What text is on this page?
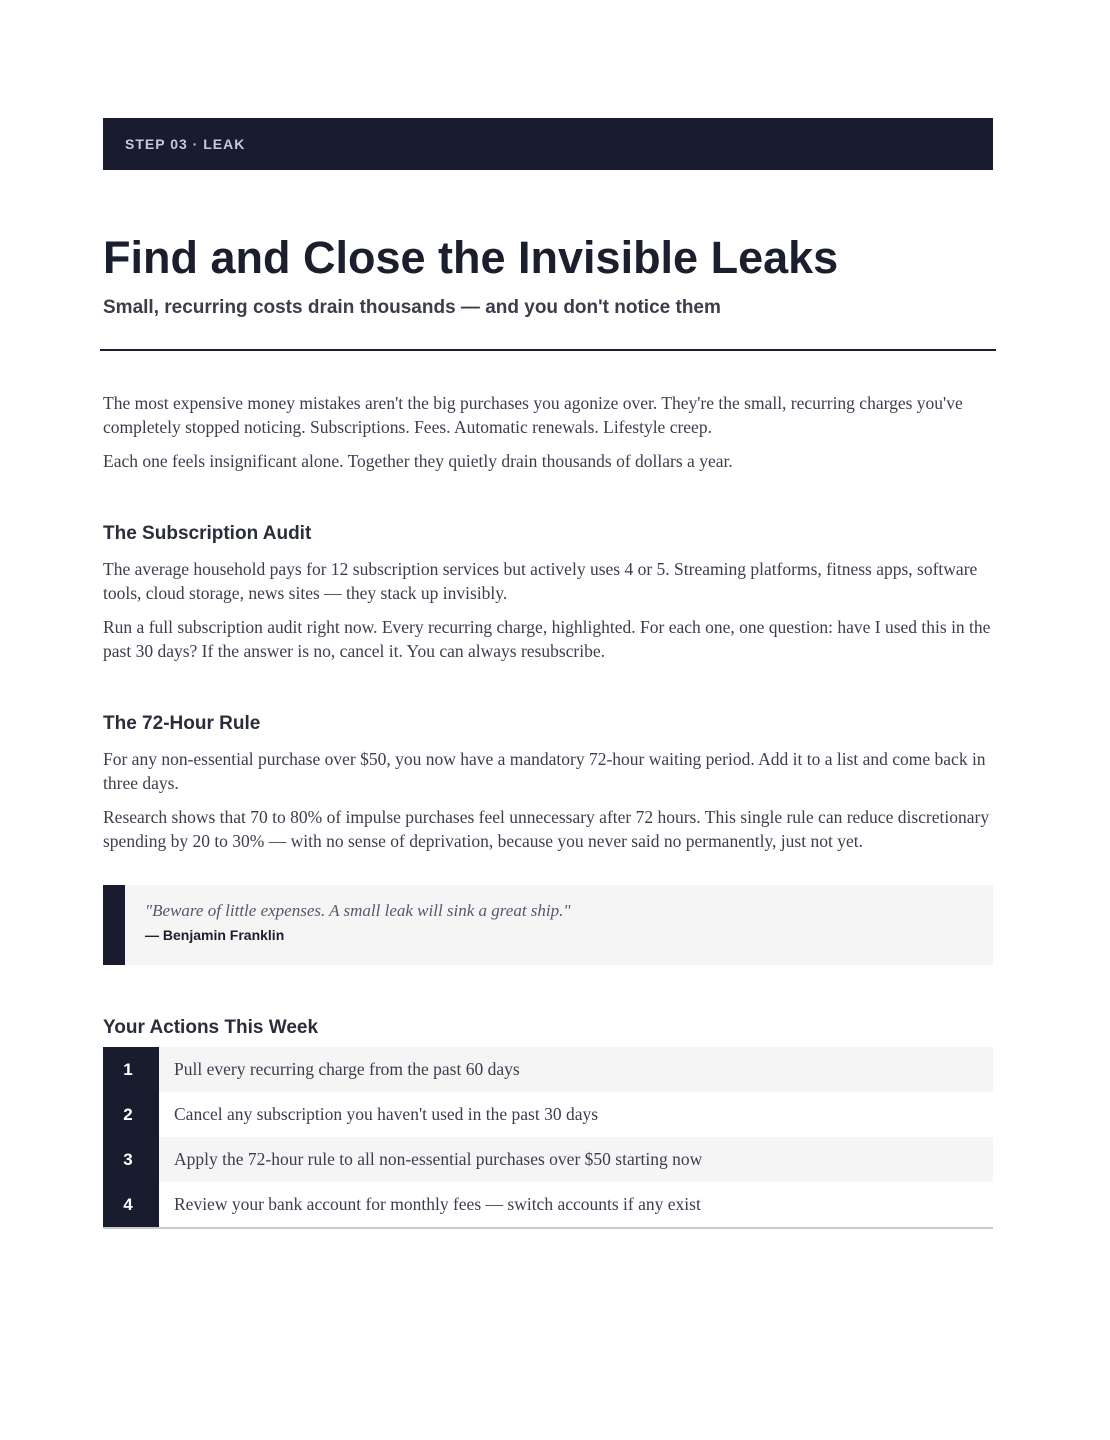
STEP 03 · LEAK
Find and Close the Invisible Leaks
Small, recurring costs drain thousands — and you don't notice them

The most expensive money mistakes aren't the big purchases you agonize over. They're the small, recurring charges you've completely stopped noticing. Subscriptions. Fees. Automatic renewals. Lifestyle creep.

Each one feels insignificant alone. Together they quietly drain thousands of dollars a year.

The Subscription Audit

The average household pays for 12 subscription services but actively uses 4 or 5. Streaming platforms, fitness apps, software tools, cloud storage, news sites — they stack up invisibly.

Run a full subscription audit right now. Every recurring charge, highlighted. For each one, one question: have I used this in the past 30 days? If the answer is no, cancel it. You can always resubscribe.

The 72-Hour Rule

For any non-essential purchase over $50, you now have a mandatory 72-hour waiting period. Add it to a list and come back in three days.

Research shows that 70 to 80% of impulse purchases feel unnecessary after 72 hours. This single rule can reduce discretionary spending by 20 to 30% — with no sense of deprivation, because you never said no permanently, just not yet.

"Beware of little expenses. A small leak will sink a great ship."

— Benjamin Franklin
Your Actions This Week
1	Pull every recurring charge from the past 60 days
2	Cancel any subscription you haven't used in the past 30 days
3	Apply the 72-hour rule to all non-essential purchases over $50 starting now
4	Review your bank account for monthly fees — switch accounts if any exist
